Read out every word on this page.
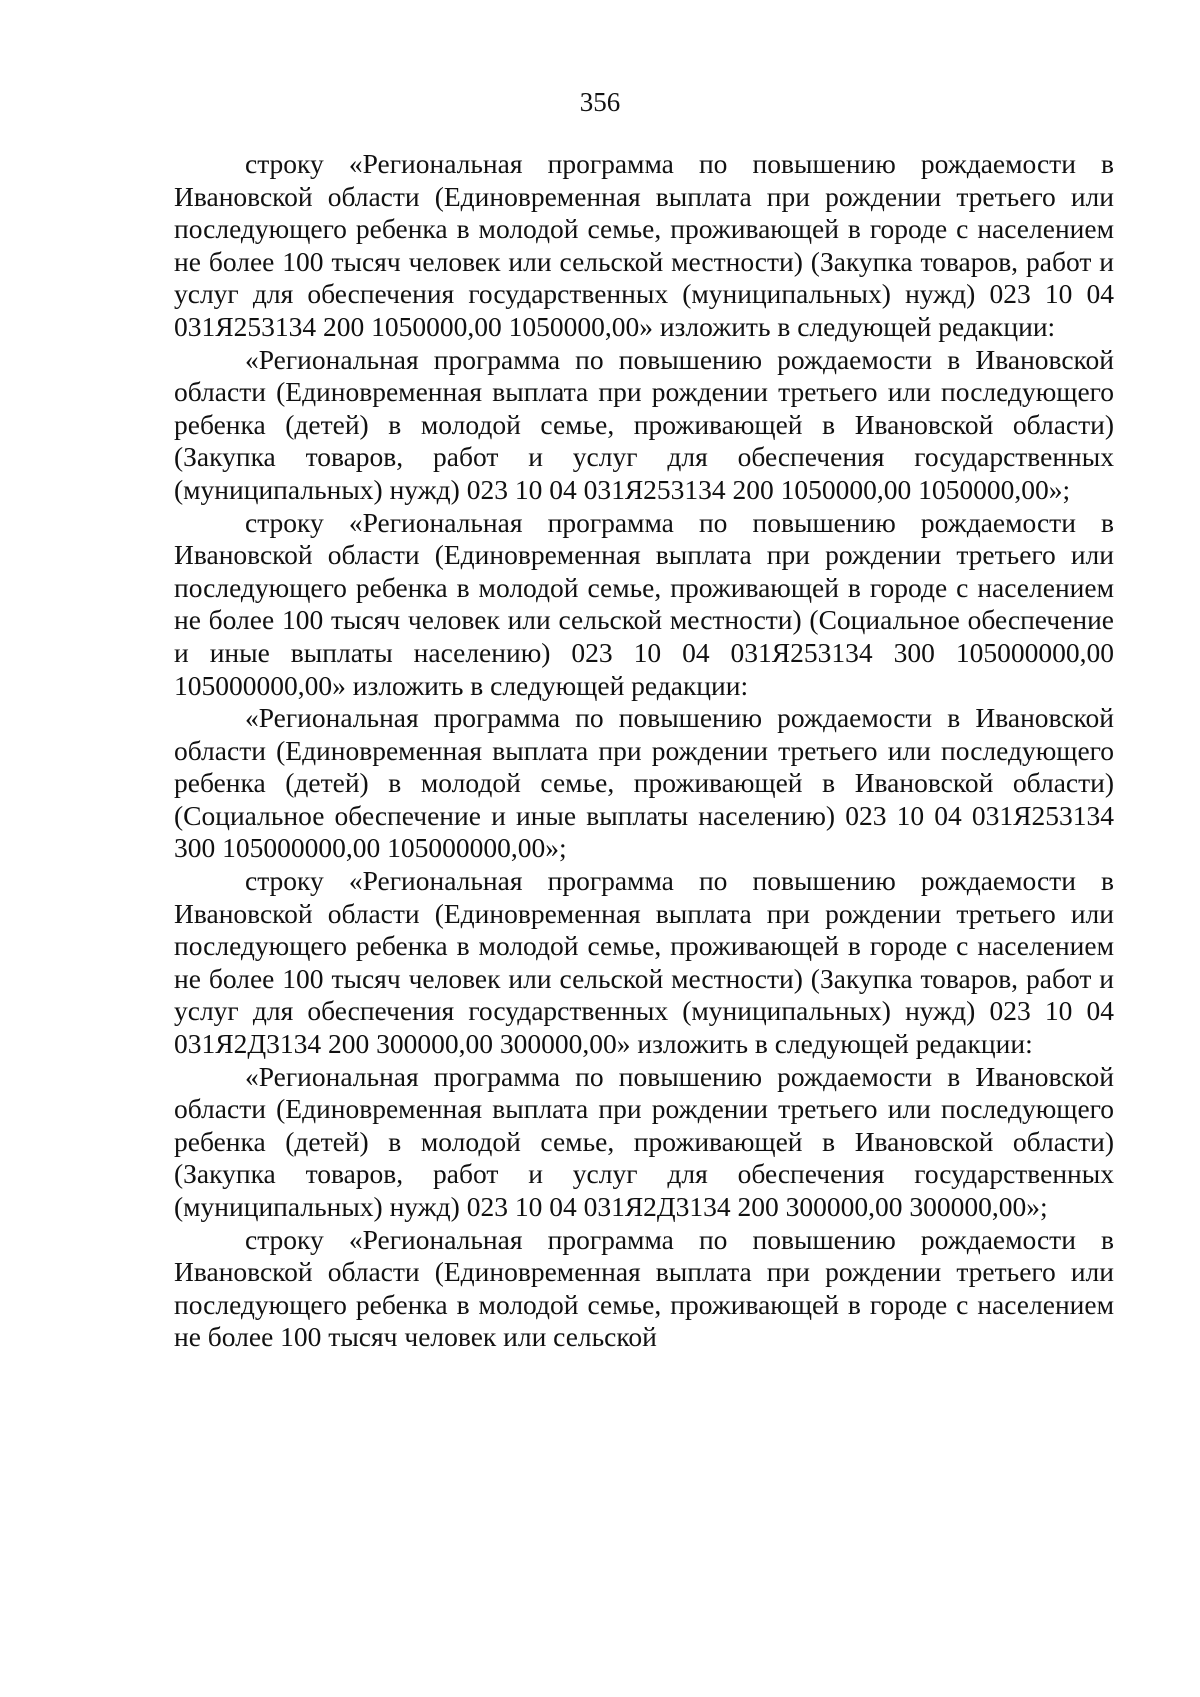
356

строку «Региональная программа по повышению рождаемости в Ивановской области (Единовременная выплата при рождении третьего или последующего ребенка в молодой семье, проживающей в городе с населением не более 100 тысяч человек или сельской местности) (Закупка товаров, работ и услуг для обеспечения государственных (муниципальных) нужд) 023 10 04 031Я253134 200 1050000,00 1050000,00» изложить в следующей редакции:

«Региональная программа по повышению рождаемости в Ивановской области (Единовременная выплата при рождении третьего или последующего ребенка (детей) в молодой семье, проживающей в Ивановской области) (Закупка товаров, работ и услуг для обеспечения государственных (муниципальных) нужд) 023 10 04 031Я253134 200 1050000,00 1050000,00»;

строку «Региональная программа по повышению рождаемости в Ивановской области (Единовременная выплата при рождении третьего или последующего ребенка в молодой семье, проживающей в городе с населением не более 100 тысяч человек или сельской местности) (Социальное обеспечение и иные выплаты населению) 023 10 04 031Я253134 300 105000000,00 105000000,00» изложить в следующей редакции:

«Региональная программа по повышению рождаемости в Ивановской области (Единовременная выплата при рождении третьего или последующего ребенка (детей) в молодой семье, проживающей в Ивановской области) (Социальное обеспечение и иные выплаты населению) 023 10 04 031Я253134 300 105000000,00 105000000,00»;

строку «Региональная программа по повышению рождаемости в Ивановской области (Единовременная выплата при рождении третьего или последующего ребенка в молодой семье, проживающей в городе с населением не более 100 тысяч человек или сельской местности) (Закупка товаров, работ и услуг для обеспечения государственных (муниципальных) нужд) 023 10 04 031Я2Д3134 200 300000,00 300000,00» изложить в следующей редакции:

«Региональная программа по повышению рождаемости в Ивановской области (Единовременная выплата при рождении третьего или последующего ребенка (детей) в молодой семье, проживающей в Ивановской области) (Закупка товаров, работ и услуг для обеспечения государственных (муниципальных) нужд) 023 10 04 031Я2Д3134 200 300000,00 300000,00»;

строку «Региональная программа по повышению рождаемости в Ивановской области (Единовременная выплата при рождении третьего или последующего ребенка в молодой семье, проживающей в городе с населением не более 100 тысяч человек или сельской
